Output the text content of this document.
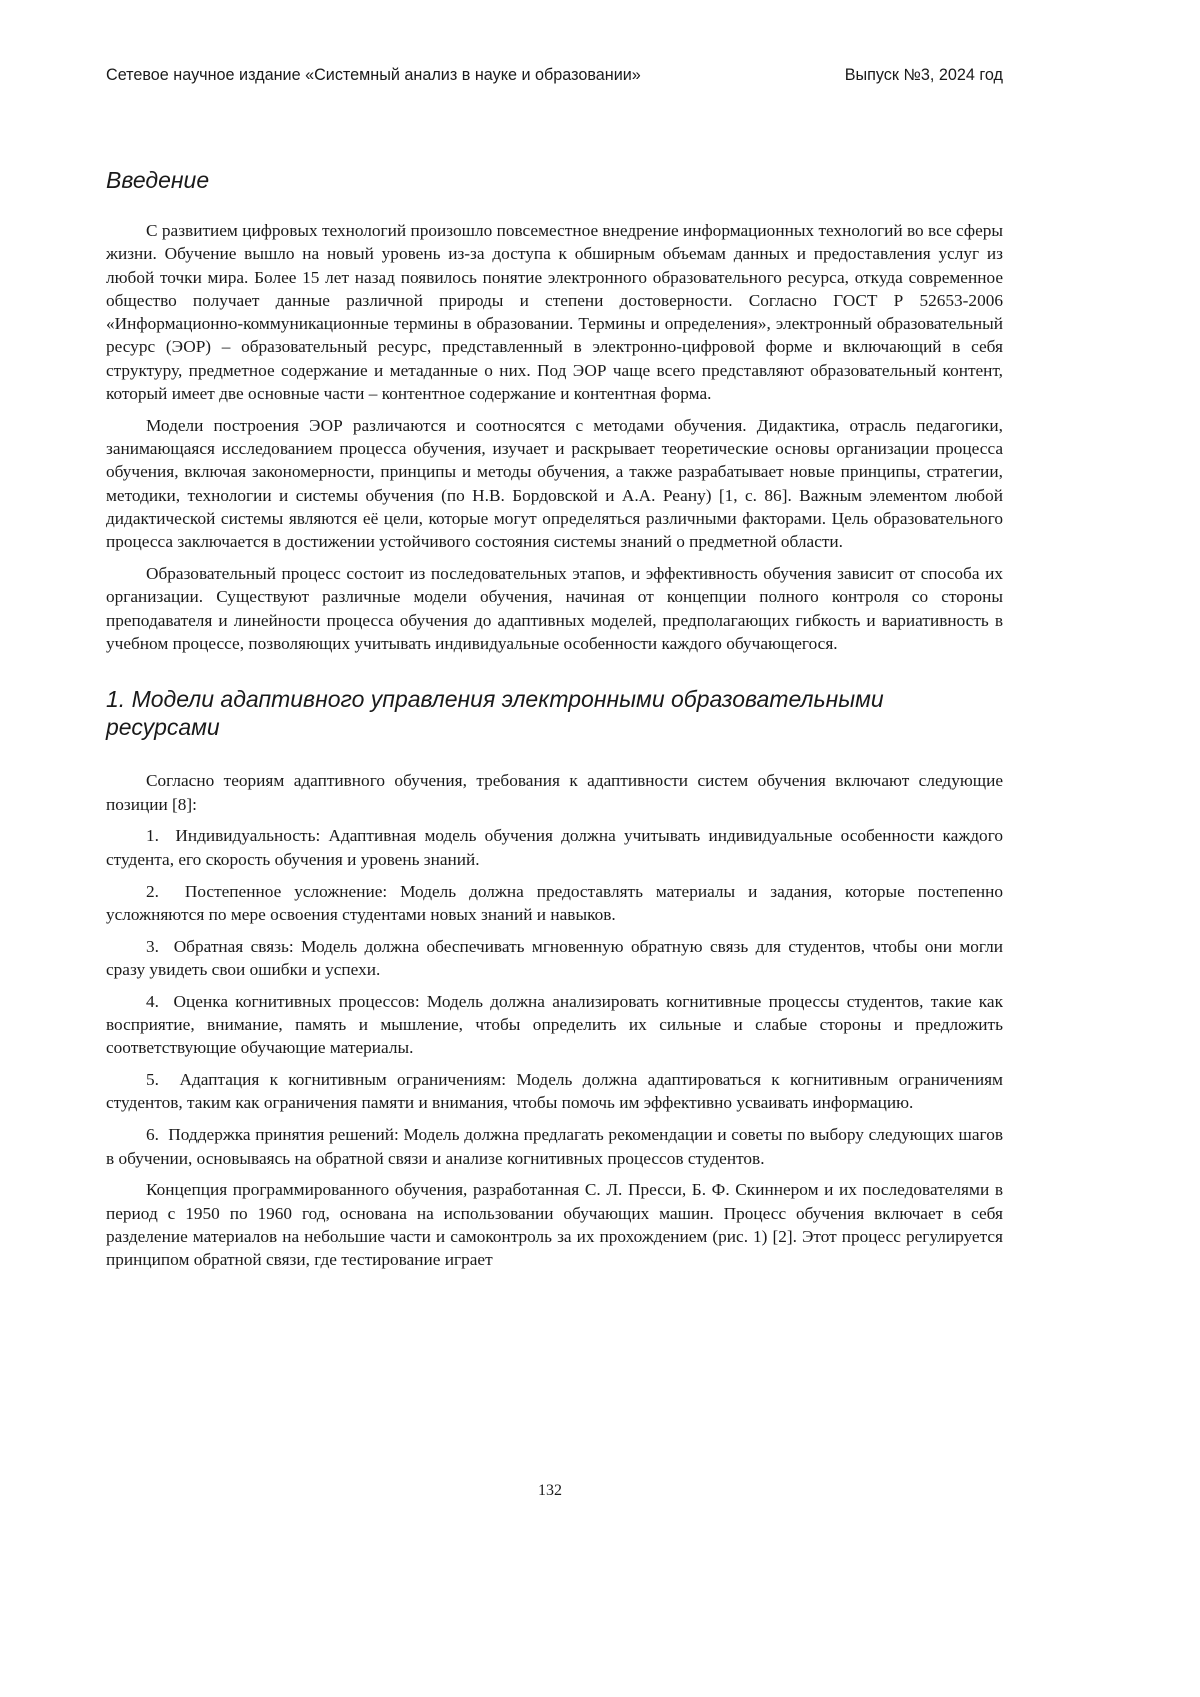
Сетевое научное издание «Системный анализ в науке и образовании»	Выпуск №3, 2024 год
Введение

С развитием цифровых технологий произошло повсеместное внедрение информационных технологий во все сферы жизни. Обучение вышло на новый уровень из-за доступа к обширным объемам данных и предоставления услуг из любой точки мира. Более 15 лет назад появилось понятие электронного образовательного ресурса, откуда современное общество получает данные различной природы и степени достоверности. Согласно ГОСТ Р 52653-2006 «Информационно-коммуникационные термины в образовании. Термины и определения», электронный образовательный ресурс (ЭОР) – образовательный ресурс, представленный в электронно-цифровой форме и включающий в себя структуру, предметное содержание и метаданные о них. Под ЭОР чаще всего представляют образовательный контент, который имеет две основные части – контентное содержание и контентная форма.

Модели построения ЭОР различаются и соотносятся с методами обучения. Дидактика, отрасль педагогики, занимающаяся исследованием процесса обучения, изучает и раскрывает теоретические основы организации процесса обучения, включая закономерности, принципы и методы обучения, а также разрабатывает новые принципы, стратегии, методики, технологии и системы обучения (по Н.В. Бордовской и А.А. Реану) [1, с. 86]. Важным элементом любой дидактической системы являются её цели, которые могут определяться различными факторами. Цель образовательного процесса заключается в достижении устойчивого состояния системы знаний о предметной области.

Образовательный процесс состоит из последовательных этапов, и эффективность обучения зависит от способа их организации. Существуют различные модели обучения, начиная от концепции полного контроля со стороны преподавателя и линейности процесса обучения до адаптивных моделей, предполагающих гибкость и вариативность в учебном процессе, позволяющих учитывать индивидуальные особенности каждого обучающегося.

1. Модели адаптивного управления электронными образовательными ресурсами

Согласно теориям адаптивного обучения, требования к адаптивности систем обучения включают следующие позиции [8]:

1.  Индивидуальность: Адаптивная модель обучения должна учитывать индивидуальные особенности каждого студента, его скорость обучения и уровень знаний.

2.  Постепенное усложнение: Модель должна предоставлять материалы и задания, которые постепенно усложняются по мере освоения студентами новых знаний и навыков.

3.  Обратная связь: Модель должна обеспечивать мгновенную обратную связь для студентов, чтобы они могли сразу увидеть свои ошибки и успехи.

4.  Оценка когнитивных процессов: Модель должна анализировать когнитивные процессы студентов, такие как восприятие, внимание, память и мышление, чтобы определить их сильные и слабые стороны и предложить соответствующие обучающие материалы.

5.  Адаптация к когнитивным ограничениям: Модель должна адаптироваться к когнитивным ограничениям студентов, таким как ограничения памяти и внимания, чтобы помочь им эффективно усваивать информацию.

6.  Поддержка принятия решений: Модель должна предлагать рекомендации и советы по выбору следующих шагов в обучении, основываясь на обратной связи и анализе когнитивных процессов студентов.

Концепция программированного обучения, разработанная С. Л. Пресси, Б. Ф. Скиннером и их последователями в период с 1950 по 1960 год, основана на использовании обучающих машин. Процесс обучения включает в себя разделение материалов на небольшие части и самоконтроль за их прохождением (рис. 1) [2]. Этот процесс регулируется принципом обратной связи, где тестирование играет

132
